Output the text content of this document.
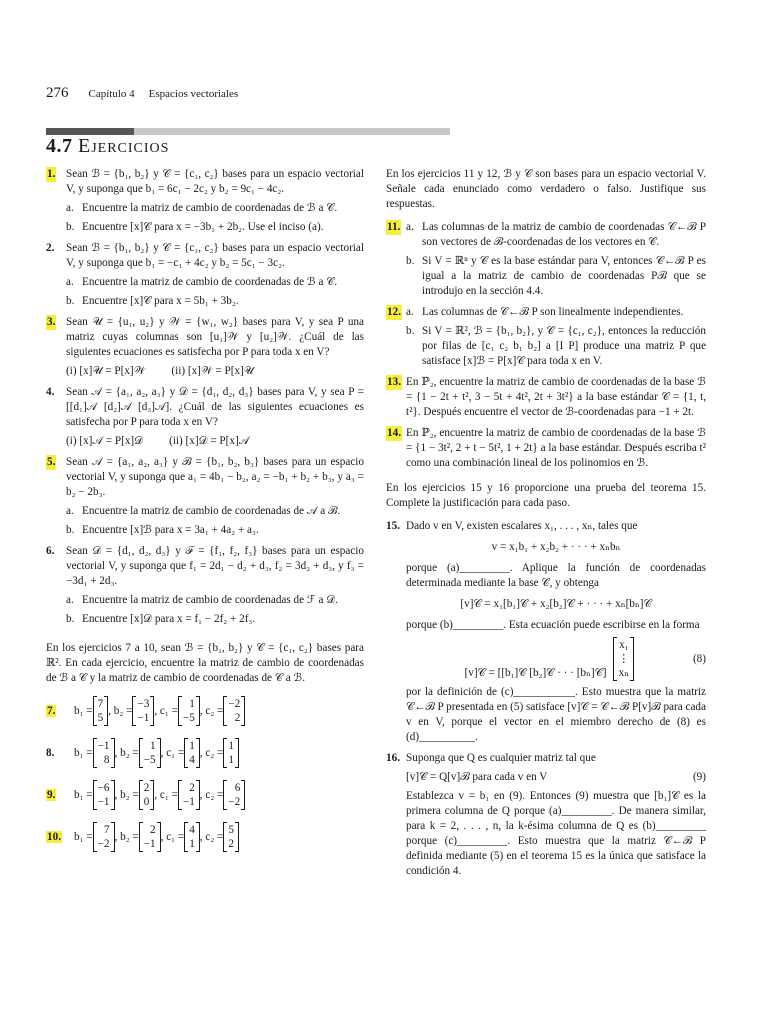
276 Capítulo 4 Espacios vectoriales
4.7 Ejercicios
1. Sean ℬ = {b₁, b₂} y 𝒞 = {c₁, c₂} bases para un espacio vectorial V, y suponga que b₁ = 6c₁ − 2c₂ y b₂ = 9c₁ − 4c₂.
a. Encuentre la matriz de cambio de coordenadas de ℬ a 𝒞.
b. Encuentre [x]𝒞 para x = −3b₁ + 2b₂. Use el inciso (a).
2. Sean ℬ = {b₁, b₂} y 𝒞 = {c₁, c₂} bases para un espacio vectorial V, y suponga que b₁ = −c₁ + 4c₂ y b₂ = 5c₁ − 3c₂.
a. Encuentre la matriz de cambio de coordenadas de ℬ a 𝒞.
b. Encuentre [x]𝒞 para x = 5b₁ + 3b₂.
3. Sean 𝒰 = {u₁, u₂} y 𝒲 = {w₁, w₂} bases para V, y sea P una matriz cuyas columnas son [u₁]𝒲 y [u₂]𝒲. ¿Cuál de las siguientes ecuaciones es satisfecha por P para toda x en V?
(i) [x]𝒰 = P[x]𝒲 (ii) [x]𝒲 = P[x]𝒰
4. Sean 𝒜 = {a₁, a₂, a₃} y 𝒟 = {d₁, d₂, d₃} bases para V, y sea P = [[d₁]𝒜 [d₂]𝒜 [d₃]𝒜]. ¿Cuál de las siguientes ecuaciones es satisfecha por P para toda x en V?
(i) [x]𝒜 = P[x]𝒟 (ii) [x]𝒟 = P[x]𝒜
5. Sean 𝒜 = {a₁, a₂, a₃} y ℬ = {b₁, b₂, b₃} bases para un espacio vectorial V, y suponga que a₁ = 4b₁ − b₂, a₂ = −b₁ + b₂ + b₃, y a₃ = b₂ − 2b₃.
a. Encuentre la matriz de cambio de coordenadas de 𝒜 a ℬ.
b. Encuentre [x]ℬ para x = 3a₁ + 4a₂ + a₃.
6. Sean 𝒟 = {d₁, d₂, d₃} y ℱ = {f₁, f₂, f₃} bases para un espacio vectorial V, y suponga que f₁ = 2d₁ − d₂ + d₃, f₂ = 3d₂ + d₃, y f₃ = −3d₁ + 2d₃.
a. Encuentre la matriz de cambio de coordenadas de ℱ a 𝒟.
b. Encuentre [x]𝒟 para x = f₁ − 2f₂ + 2f₃.
En los ejercicios 7 a 10, sean ℬ = {b₁, b₂} y 𝒞 = {c₁, c₂} bases para ℝ². En cada ejercicio, encuentre la matriz de cambio de coordenadas de ℬ a 𝒞 y la matriz de cambio de coordenadas de 𝒞 a ℬ.
7.	b₁ =
7
5
, b₂ =
−3
−1
, c₁ =
1
−5
, c₂ =
−2
2
8.	b₁ =
−1
8
, b₂ =
1
−5
, c₁ =
1
4
, c₂ =
1
1
9.	b₁ =
−6
−1
, b₂ =
2
0
, c₁ =
2
−1
, c₂ =
6
−2
10.	b₁ =
7
−2
, b₂ =
2
−1
, c₁ =
4
1
, c₂ =
5
2
En los ejercicios 11 y 12, ℬ y 𝒞 son bases para un espacio vectorial V. Señale cada enunciado como verdadero o falso. Justifique sus respuestas.
11. a. Las columnas de la matriz de cambio de coordenadas 𝒞←ℬ P son vectores de ℬ-coordenadas de los vectores en 𝒞.
b. Si V = ℝⁿ y 𝒞 es la base estándar para V, entonces 𝒞←ℬ P es igual a la matriz de cambio de coordenadas Pℬ que se introdujo en la sección 4.4.
12. a. Las columnas de 𝒞←ℬ P son linealmente independientes.
b. Si V = ℝ², ℬ = {b₁, b₂}, y 𝒞 = {c₁, c₂}, entonces la reducción por filas de [c₁ c₂ b₁ b₂] a [I P] produce una matriz P que satisface [x]ℬ = P[x]𝒞 para toda x en V.
13. En ℙ₂, encuentre la matriz de cambio de coordenadas de la base ℬ = {1 − 2t + t², 3 − 5t + 4t², 2t + 3t²} a la base estándar 𝒞 = {1, t, t²}. Después encuentre el vector de ℬ-coordenadas para −1 + 2t.
14. En ℙ₂, encuentre la matriz de cambio de coordenadas de la base ℬ = {1 − 3t², 2 + t − 5t², 1 + 2t} a la base estándar. Después escriba t² como una combinación lineal de los polinomios en ℬ.
En los ejercicios 15 y 16 proporcione una prueba del teorema 15. Complete la justificación para cada paso.
15. Dado v en V, existen escalares x₁, . . . , xₙ, tales que
v = x₁b₁ + x₂b₂ + · · · + xₙbₙ
porque (a)_________. Aplique la función de coordenadas determinada mediante la base 𝒞, y obtenga
[v]𝒞 = x₁[b₁]𝒞 + x₂[b₂]𝒞 + · · · + xₙ[bₙ]𝒞
porque (b)_________. Esta ecuación puede escribirse en la forma
[v]𝒞 = [[b₁]𝒞 [b₂]𝒞 · · · [bₙ]𝒞]
x₁
⋮
xₙ
(8)
por la definición de (c)___________. Esto muestra que la matriz 𝒞←ℬ P presentada en (5) satisface [v]𝒞 = 𝒞←ℬ P[v]ℬ para cada v en V, porque el vector en el miembro derecho de (8) es (d)__________.
16. Suponga que Q es cualquier matriz tal que
[v]𝒞 = Q[v]ℬ para cada v en V	(9)
Establezca v = b₁ en (9). Entonces (9) muestra que [b₁]𝒞 es la primera columna de Q porque (a)_________. De manera similar, para k = 2, . . . , n, la k-ésima columna de Q es (b)_________ porque (c)_________. Esto muestra que la matriz 𝒞←ℬ P definida mediante (5) en el teorema 15 es la única que satisface la condición 4.
